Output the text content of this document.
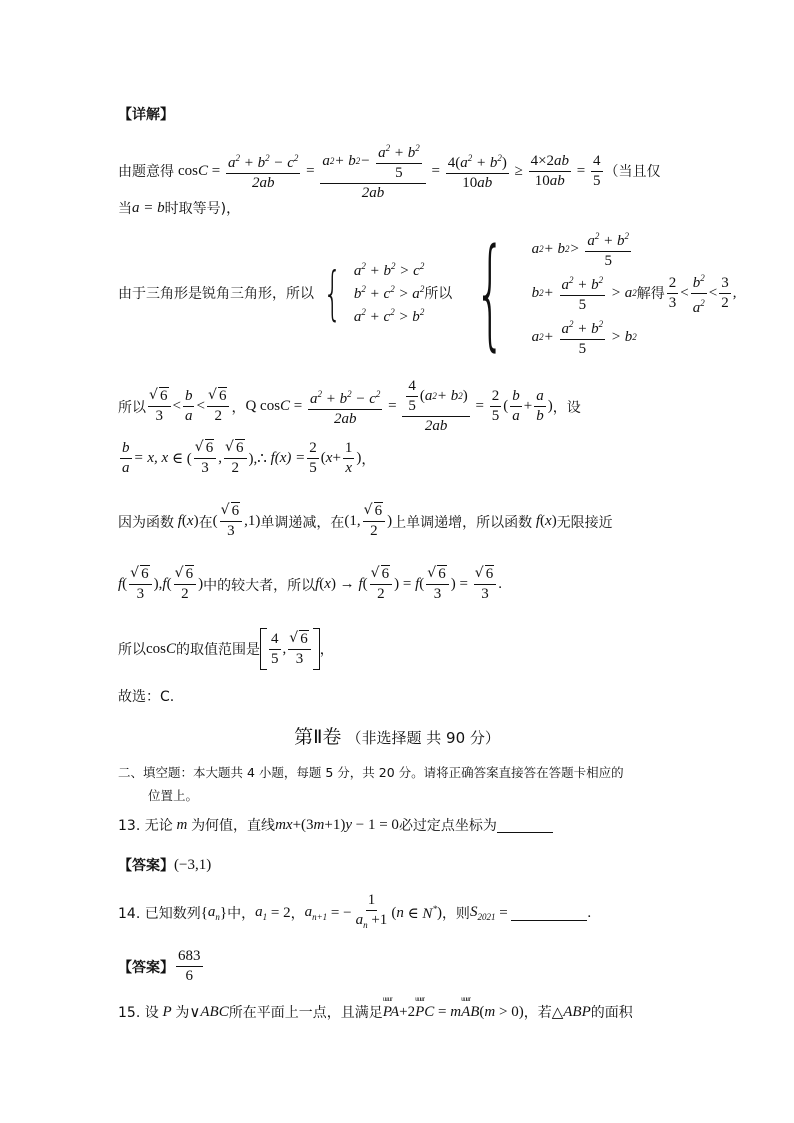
【详解】
由题意得 $\cos C = \frac{a^2 + b^2 - c^2}{2ab} = \frac{a 2 + b 2 - \frac{a^2 + b^2}{5}}{2ab} = \frac{4(a^2 + b^2)}{10ab} \ge \frac{4\times 2ab}{10ab} = \frac{4}{5}$ （当且仅
当 a = b 时取等号)，
由于三角形是锐角三角形，所以 { $a^2 + b^2 > c^2$
$b^2 + c^2 > a^2$
$a^2 + c^2 > b^2$
所以 { a 2 + b $2 > \frac{a^2 + b^2}{5}$
b $2 + \frac{a^2 + b^2}{5} > a$ 2
a $2 + \frac{a^2 + b^2}{5} > b$ 2
解得 $\frac{2}{3} < \frac{b^2}{a^2} < \frac{3}{2}$ ,
所以 √ $\frac{6}{3} < \frac{b}{a}$ < √ $\frac{6}{2}$ ， Q $\cos C = \frac{a^2 + b^2 - c^2}{2ab} = \frac{\frac{4}{5} ( a 2 + b 2 )}{2ab} = \frac{2}{5}$ ( $\frac{b}{a} + \frac{a}{b}$ ) ， 设
$\frac{b}{a} = x$, x ∈ ( √ $\frac{6}{3}$ , √ $\frac{6}{2}$ ),∴ $f(x) = \frac{2}{5}$ ( $x + \frac{1}{x}$ ) ，
因为函数 f ( x ) 在 ( √ $\frac{6}{3} ,1$) 单调递减，在 (1, √ $\frac{6}{2}$ ) 上单调递增，所以函数 f ( x ) 无限接近
f ( √ $\frac{6}{3}$ ), f ( √ $\frac{6}{2}$ ) 中的较大者，所以 f ( x ) → f ( √ $\frac{6}{2}$ ) = f ( √ $\frac{6}{3}$ ) = √ $\frac{6}{3}$ .
所以 cos C 的取值范围是 $\frac{4}{5}$ , √ $\frac{6}{3}$ ，
故选：C.
第Ⅱ卷 （非选择题 共 90 分）
二、填空题：本大题共 4 小题，每题 5 分，共 20 分。请将正确答案直接答在答题卡相应的
位置上。
13. 无论 m 为何值，直线 mx +(3 m +1) y − 1 = 0 必过定点坐标为
【答案】 (−3,1)
14. 已知数列 { $a_n$ } 中， $a_1 = 2$ ， $a_{n+1}$ = − $\frac{1}{a_n +1}$ ( n ∈ N* ) ，则 $S_{2021}$ =	.
【答案】 $\frac{683}{6}$
15. 设 P 为 ∨ ABC 所在平面上一点，且满足 uuur PA +2 uuur PC = m uuur AB ( m > 0) ，若 △ ABP 的面积
